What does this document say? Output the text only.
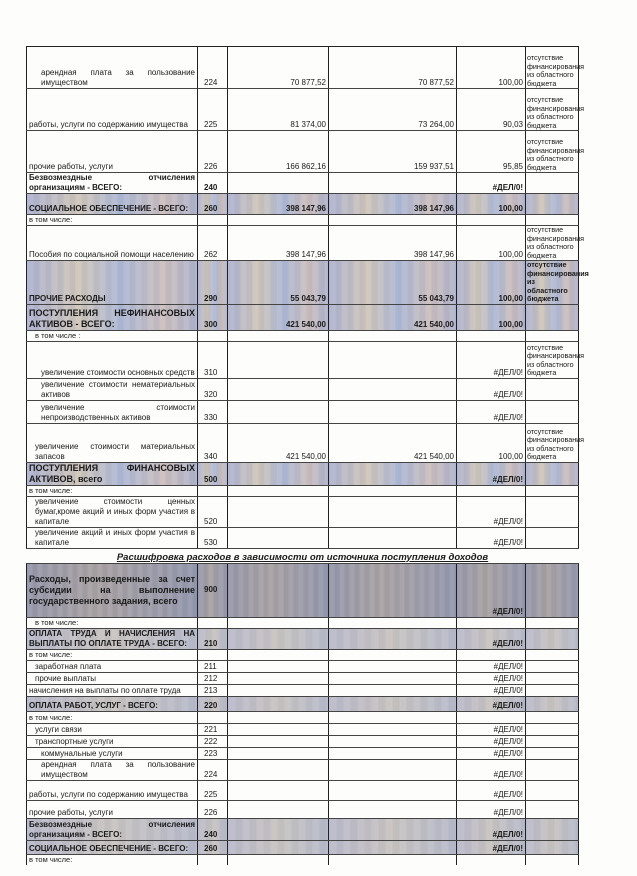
арендная плата за пользование имуществом	224	70 877,52	70 877,52	100,00	отсутствие финансирования из областного бюджета
работы, услуги по содержанию имущества	225	81 374,00	73 264,00	90,03	отсутствие финансирования из областного бюджета
прочие работы, услуги	226	166 862,16	159 937,51	95,85	отсутствие финансирования из областного бюджета
Безвозмездные отчисления организациям - ВСЕГО:	240			#ДЕЛ/0!	
СОЦИАЛЬНОЕ ОБЕСПЕЧЕНИЕ - ВСЕГО:	260	398 147,96	398 147,96	100,00	
в том числе:					
Пособия по социальной помощи населению	262	398 147,96	398 147,96	100,00	отсутствие финансирования из областного бюджета
ПРОЧИЕ РАСХОДЫ	290	55 043,79	55 043,79	100,00	отсутствие финансирования из областного бюджета
ПОСТУПЛЕНИЯ НЕФИНАНСОВЫХ АКТИВОВ - ВСЕГО:	300	421 540,00	421 540,00	100,00	
в том числе :					
увеличение стоимости основных средств	310			#ДЕЛ/0!	отсутствие финансирования из областного бюджета
увеличение стоимости нематериальных активов	320			#ДЕЛ/0!	
увеличение стоимости непроизводственных активов	330			#ДЕЛ/0!	
увеличение стоимости материальных запасов	340	421 540,00	421 540,00	100,00	отсутствие финансирования из областного бюджета
ПОСТУПЛЕНИЯ ФИНАНСОВЫХ АКТИВОВ, всего	500			#ДЕЛ/0!	
в том числе:					
увеличение стоимости ценных бумаг,кроме акций и иных форм участия в капитале	520			#ДЕЛ/0!	
увеличение акций и иных форм участия в капитале	530			#ДЕЛ/0!	
Расшифровка расходов в зависимости от источника поступления доходов					
Расходы, произведенные за счет субсидии на выполнение государственного задания, всего	900			#ДЕЛ/0!	
в том числе:					
ОПЛАТА ТРУДА И НАЧИСЛЕНИЯ НА ВЫПЛАТЫ ПО ОПЛАТЕ ТРУДА - ВСЕГО:	210			#ДЕЛ/0!	
в том числе:					
заработная плата	211			#ДЕЛ/0!	
прочие выплаты	212			#ДЕЛ/0!	
начисления на выплаты по оплате труда	213			#ДЕЛ/0!	
ОПЛАТА РАБОТ, УСЛУГ - ВСЕГО:	220			#ДЕЛ/0!	
в том числе:					
услуги связи	221			#ДЕЛ/0!	
транспортные услуги	222			#ДЕЛ/0!	
коммунальные услуги	223			#ДЕЛ/0!	
арендная плата за пользование имуществом	224			#ДЕЛ/0!	
работы, услуги по содержанию имущества	225			#ДЕЛ/0!	
прочие работы, услуги	226			#ДЕЛ/0!	
Безвозмездные отчисления организациям - ВСЕГО:	240			#ДЕЛ/0!	
СОЦИАЛЬНОЕ ОБЕСПЕЧЕНИЕ - ВСЕГО:	260			#ДЕЛ/0!	
в том числе:					
